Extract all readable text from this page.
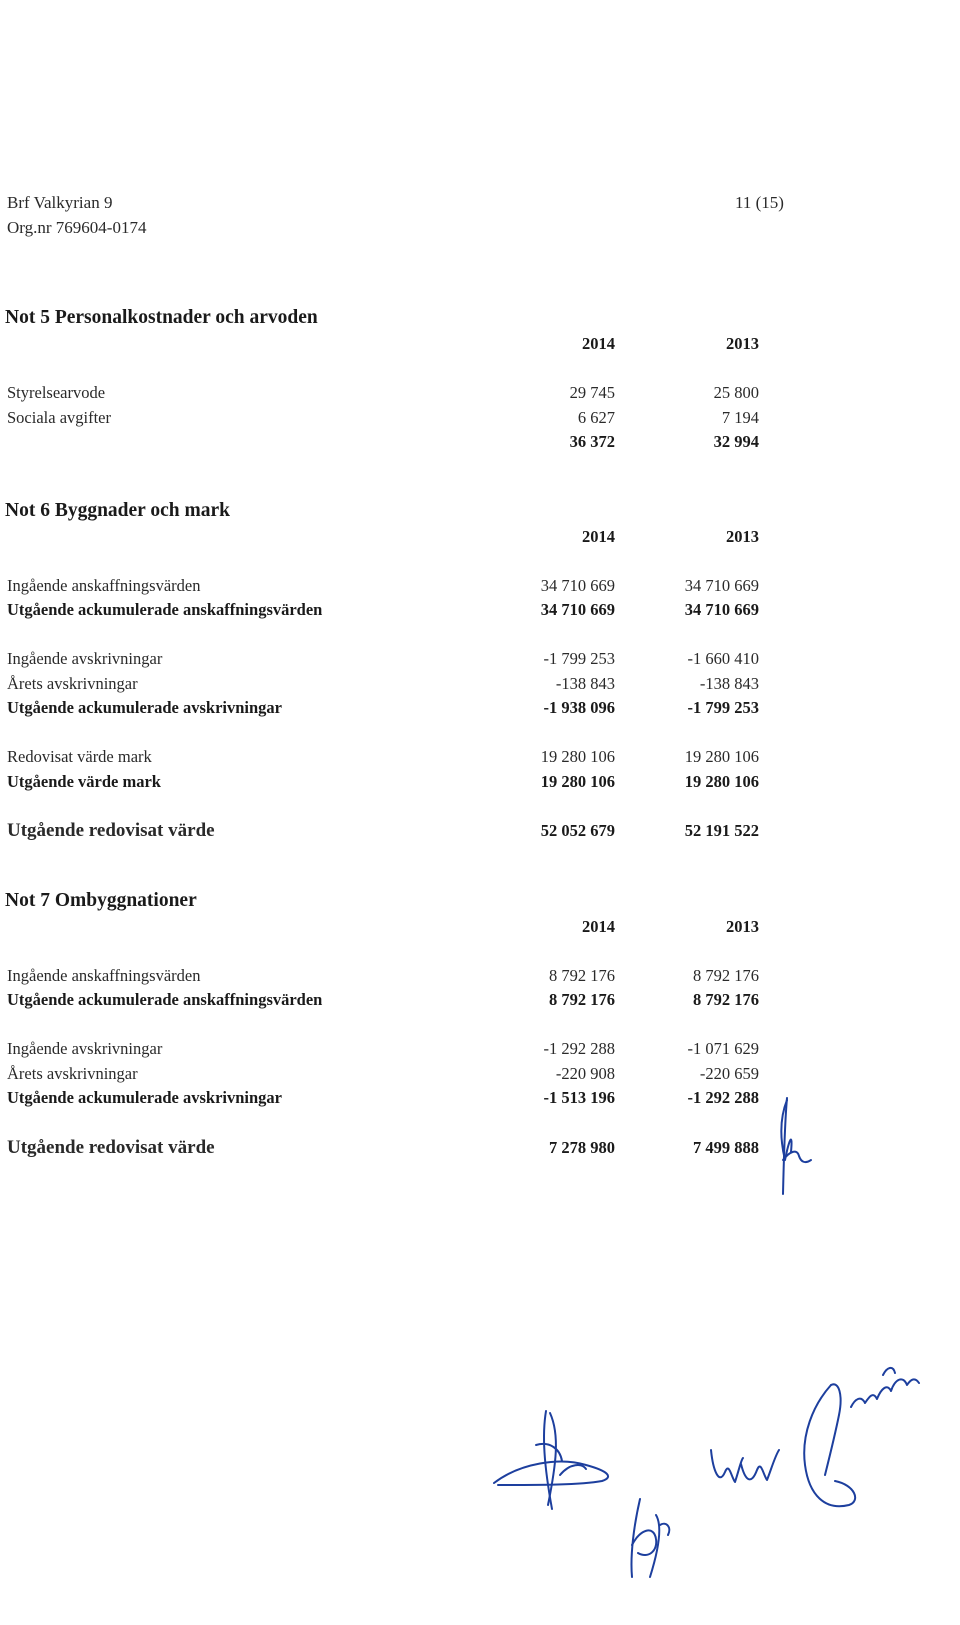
Brf Valkyrian 9
Org.nr 769604-0174
11 (15)
Not 5 Personalkostnader och arvoden
2014	2013
Styrelsearvode	29 745	25 800
Sociala avgifter	6 627	7 194
36 372	32 994
Not 6 Byggnader och mark
2014	2013
Ingående anskaffningsvärden	34 710 669	34 710 669
Utgående ackumulerade anskaffningsvärden	34 710 669	34 710 669
Ingående avskrivningar	-1 799 253	-1 660 410
Årets avskrivningar	-138 843	-138 843
Utgående ackumulerade avskrivningar	-1 938 096	-1 799 253
Redovisat värde mark	19 280 106	19 280 106
Utgående värde mark	19 280 106	19 280 106
Utgående redovisat värde	52 052 679	52 191 522
Not 7 Ombyggnationer
2014	2013
Ingående anskaffningsvärden	8 792 176	8 792 176
Utgående ackumulerade anskaffningsvärden	8 792 176	8 792 176
Ingående avskrivningar	-1 292 288	-1 071 629
Årets avskrivningar	-220 908	-220 659
Utgående ackumulerade avskrivningar	-1 513 196	-1 292 288
Utgående redovisat värde	7 278 980	7 499 888
